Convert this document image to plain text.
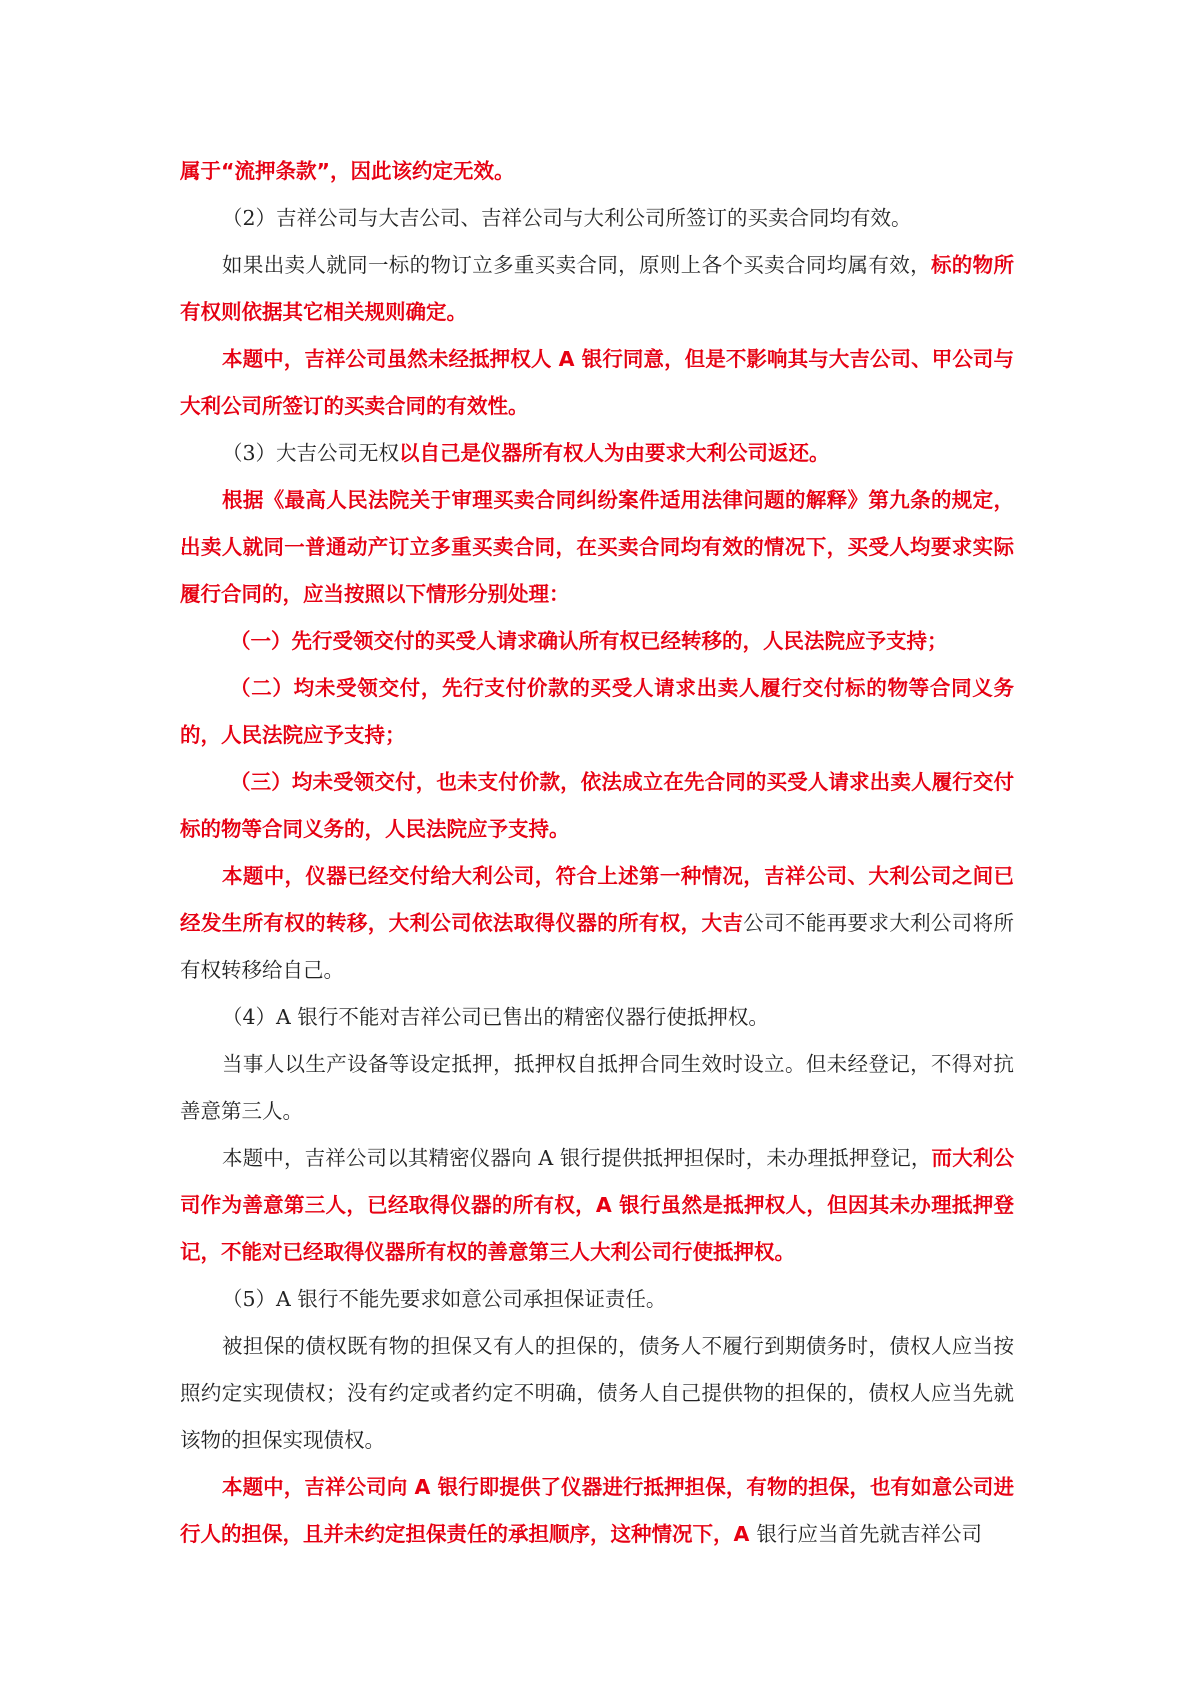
属于“流押条款”，因此该约定无效。

（2）吉祥公司与大吉公司、吉祥公司与大利公司所签订的买卖合同均有效。

如果出卖人就同一标的物订立多重买卖合同，原则上各个买卖合同均属有效，标的物所有权则依据其它相关规则确定。

本题中，吉祥公司虽然未经抵押权人 A 银行同意，但是不影响其与大吉公司、甲公司与大利公司所签订的买卖合同的有效性。

（3）大吉公司无权以自己是仪器所有权人为由要求大利公司返还。

根据《最高人民法院关于审理买卖合同纠纷案件适用法律问题的解释》第九条的规定，出卖人就同一普通动产订立多重买卖合同，在买卖合同均有效的情况下，买受人均要求实际履行合同的，应当按照以下情形分别处理：

（一）先行受领交付的买受人请求确认所有权已经转移的，人民法院应予支持；

（二）均未受领交付，先行支付价款的买受人请求出卖人履行交付标的物等合同义务的，人民法院应予支持；

（三）均未受领交付，也未支付价款，依法成立在先合同的买受人请求出卖人履行交付标的物等合同义务的，人民法院应予支持。

本题中，仪器已经交付给大利公司，符合上述第一种情况，吉祥公司、大利公司之间已经发生所有权的转移，大利公司依法取得仪器的所有权，大吉公司不能再要求大利公司将所有权转移给自己。

（4）A 银行不能对吉祥公司已售出的精密仪器行使抵押权。

当事人以生产设备等设定抵押，抵押权自抵押合同生效时设立。但未经登记，不得对抗善意第三人。

本题中，吉祥公司以其精密仪器向 A 银行提供抵押担保时，未办理抵押登记，而大利公司作为善意第三人，已经取得仪器的所有权，A 银行虽然是抵押权人，但因其未办理抵押登记，不能对已经取得仪器所有权的善意第三人大利公司行使抵押权。

（5）A 银行不能先要求如意公司承担保证责任。

被担保的债权既有物的担保又有人的担保的，债务人不履行到期债务时，债权人应当按照约定实现债权；没有约定或者约定不明确，债务人自己提供物的担保的，债权人应当先就该物的担保实现债权。

本题中，吉祥公司向 A 银行即提供了仪器进行抵押担保，有物的担保，也有如意公司进行人的担保，且并未约定担保责任的承担顺序，这种情况下，A 银行应当首先就吉祥公司
